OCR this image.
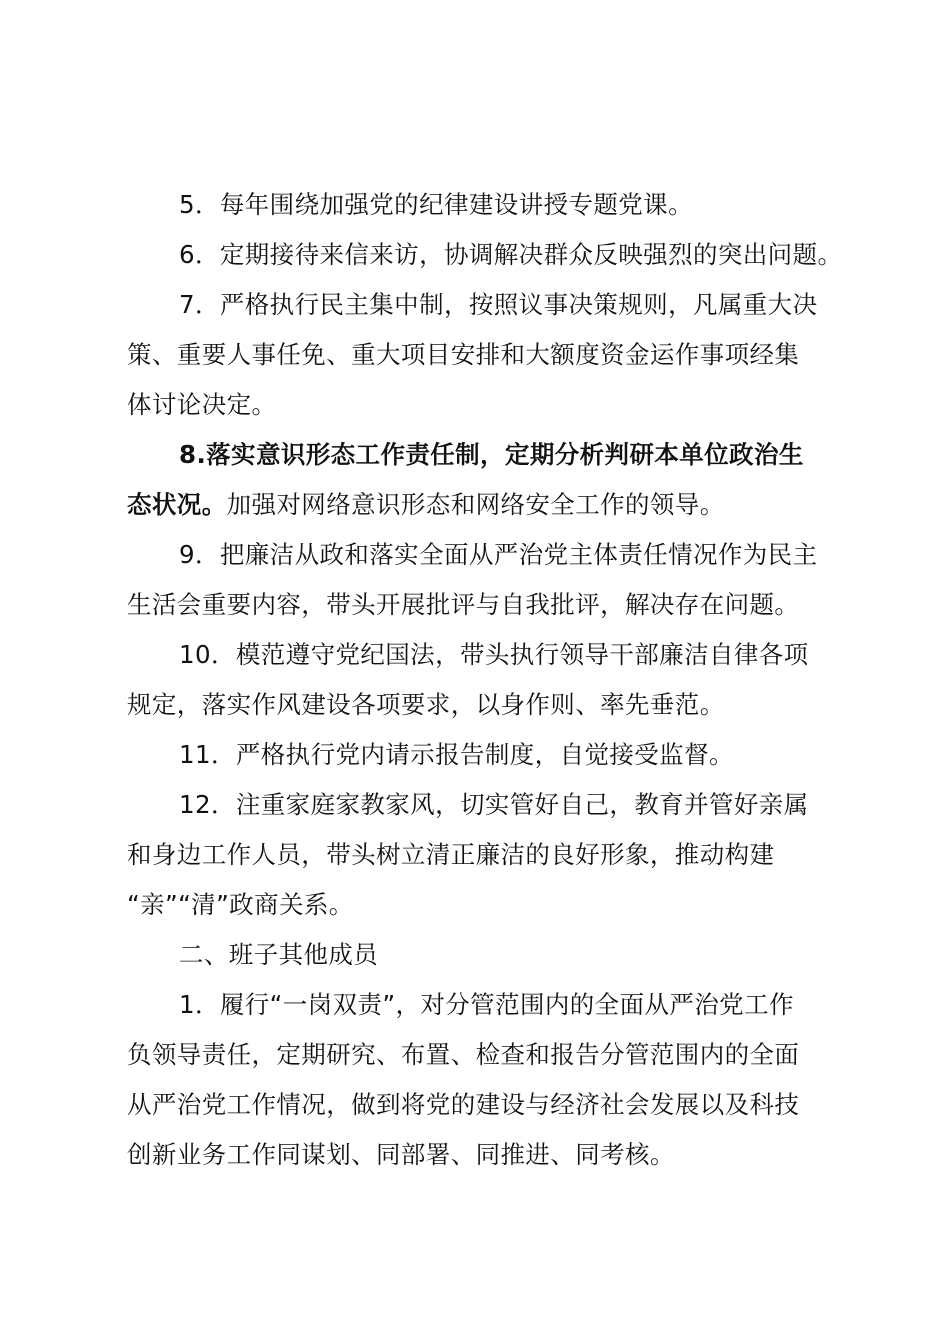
5．每年围绕加强党的纪律建设讲授专题党课。
6．定期接待来信来访，协调解决群众反映强烈的突出问题。
7．严格执行民主集中制，按照议事决策规则，凡属重大决
策、重要人事任免、重大项目安排和大额度资金运作事项经集
体讨论决定。
8.落实意识形态工作责任制，定期分析判研本单位政治生
态状况。加强对网络意识形态和网络安全工作的领导。
9．把廉洁从政和落实全面从严治党主体责任情况作为民主
生活会重要内容，带头开展批评与自我批评，解决存在问题。
10．模范遵守党纪国法，带头执行领导干部廉洁自律各项
规定，落实作风建设各项要求，以身作则、率先垂范。
11．严格执行党内请示报告制度，自觉接受监督。
12．注重家庭家教家风，切实管好自己，教育并管好亲属
和身边工作人员，带头树立清正廉洁的良好形象，推动构建
“亲”“清”政商关系。
二、班子其他成员
1．履行“一岗双责”，对分管范围内的全面从严治党工作
负领导责任，定期研究、布置、检查和报告分管范围内的全面
从严治党工作情况，做到将党的建设与经济社会发展以及科技
创新业务工作同谋划、同部署、同推进、同考核。
